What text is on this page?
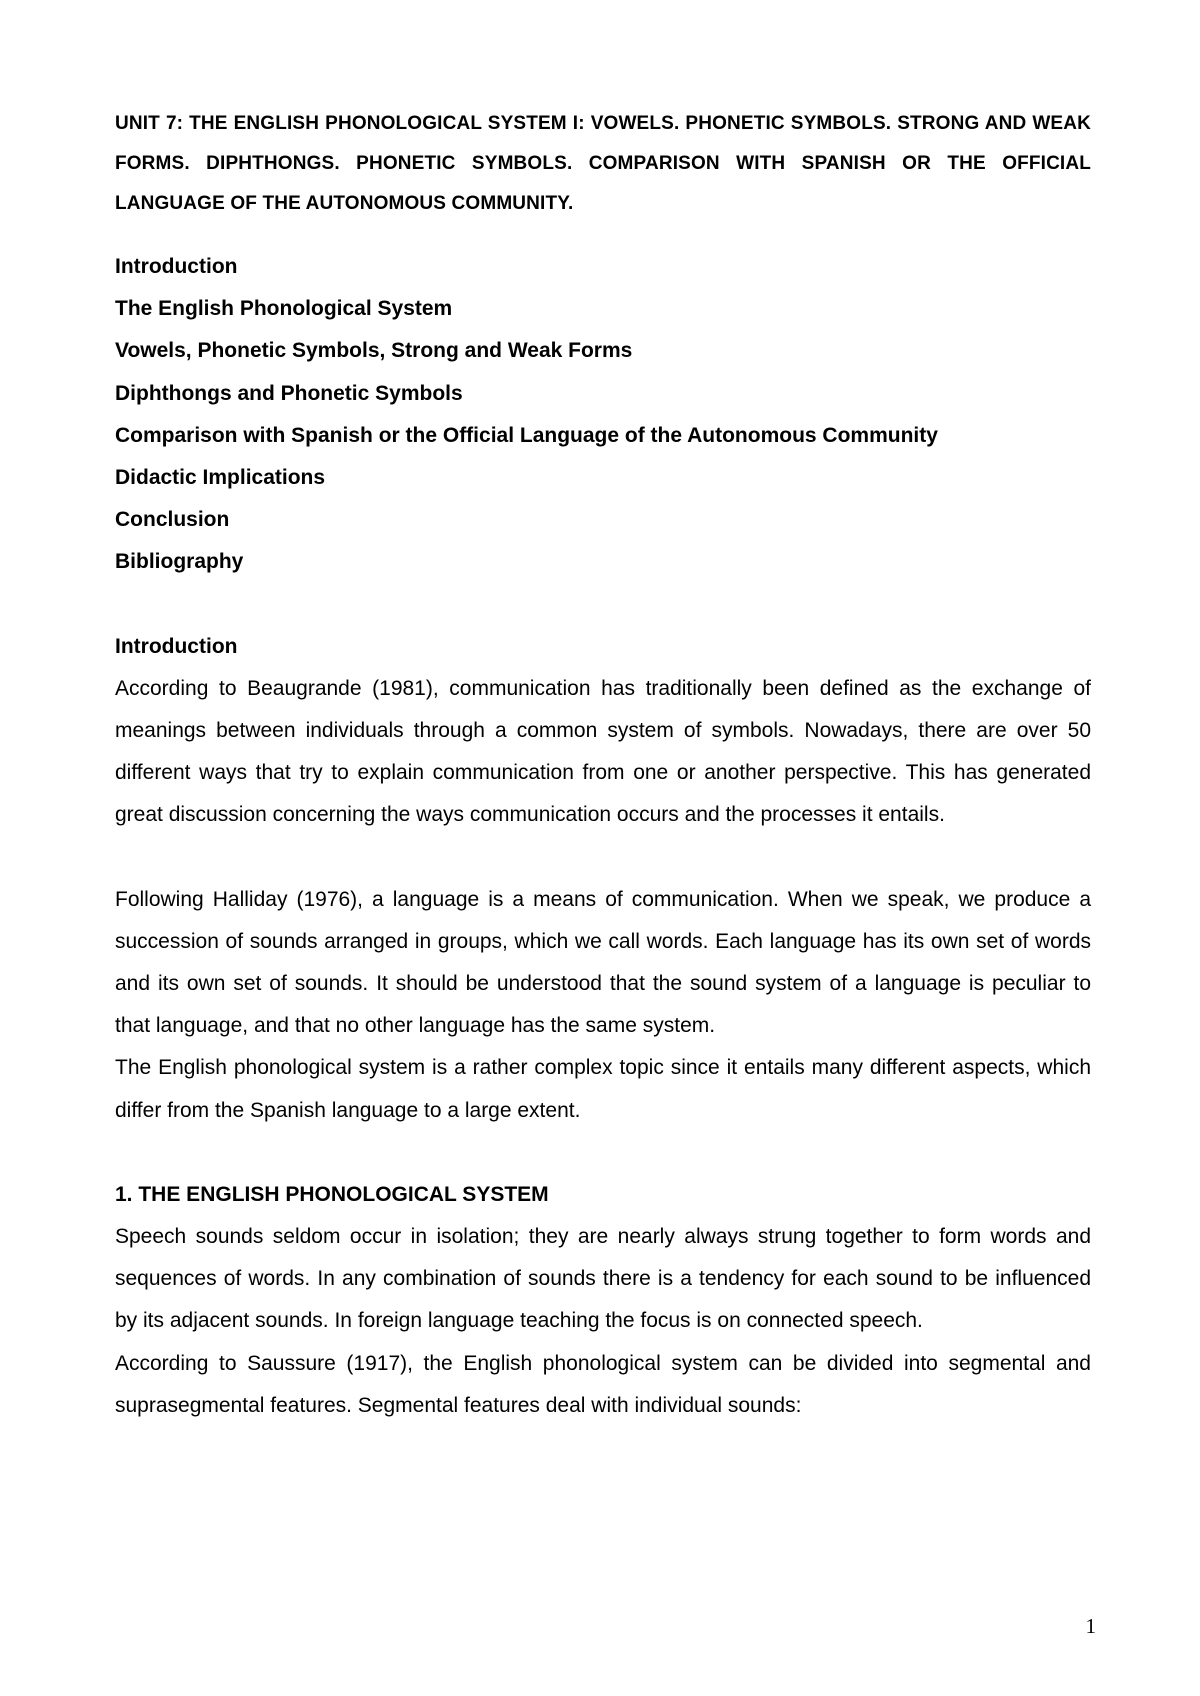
UNIT 7: THE ENGLISH PHONOLOGICAL SYSTEM I: VOWELS. PHONETIC SYMBOLS. STRONG AND WEAK FORMS. DIPHTHONGS. PHONETIC SYMBOLS. COMPARISON WITH SPANISH OR THE OFFICIAL LANGUAGE OF THE AUTONOMOUS COMMUNITY.
Introduction
The English Phonological System
Vowels, Phonetic Symbols, Strong and Weak Forms
Diphthongs and Phonetic Symbols
Comparison with Spanish or the Official Language of the Autonomous Community
Didactic Implications
Conclusion
Bibliography
Introduction

According to Beaugrande (1981), communication has traditionally been defined as the exchange of meanings between individuals through a common system of symbols. Nowadays, there are over 50 different ways that try to explain communication from one or another perspective. This has generated great discussion concerning the ways communication occurs and the processes it entails.

Following Halliday (1976), a language is a means of communication. When we speak, we produce a succession of sounds arranged in groups, which we call words. Each language has its own set of words and its own set of sounds. It should be understood that the sound system of a language is peculiar to that language, and that no other language has the same system.

The English phonological system is a rather complex topic since it entails many different aspects, which differ from the Spanish language to a large extent.

1. THE ENGLISH PHONOLOGICAL SYSTEM

Speech sounds seldom occur in isolation; they are nearly always strung together to form words and sequences of words. In any combination of sounds there is a tendency for each sound to be influenced by its adjacent sounds. In foreign language teaching the focus is on connected speech.

According to Saussure (1917), the English phonological system can be divided into segmental and suprasegmental features. Segmental features deal with individual sounds:

1
